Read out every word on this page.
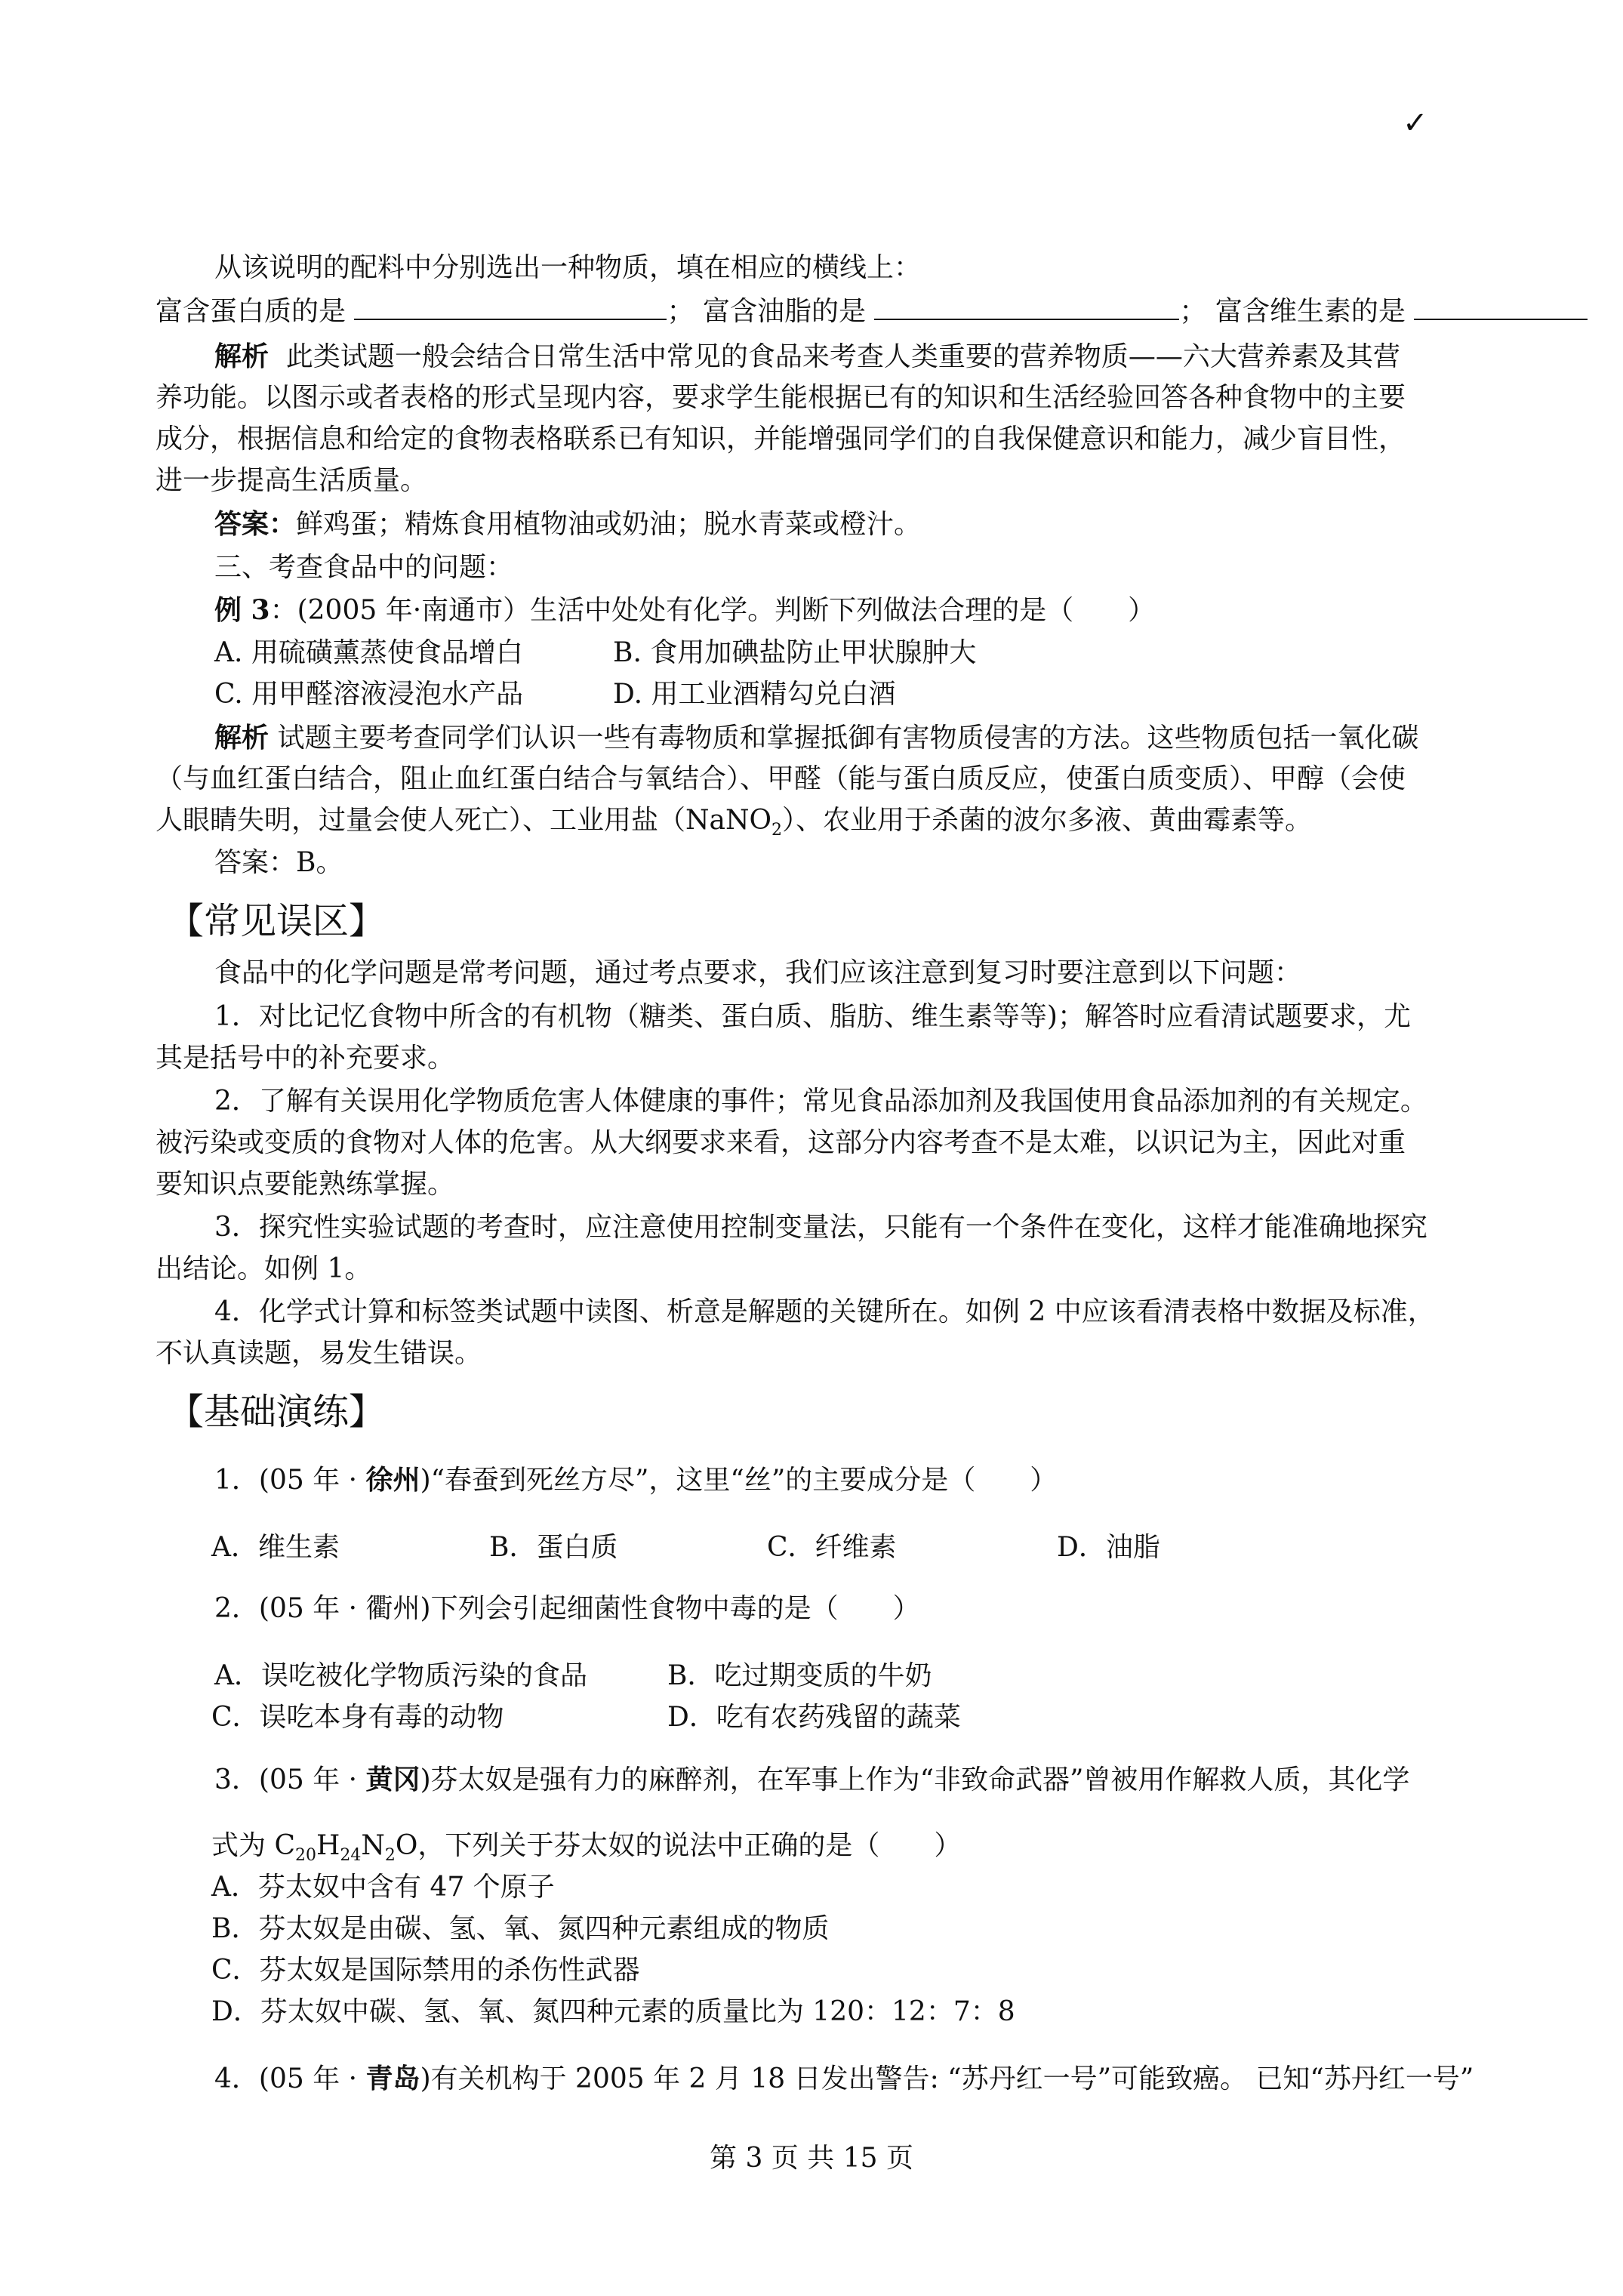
✓
从该说明的配料中分别选出一种物质，填在相应的横线上：
富含蛋白质的是	； 富含油脂的是	； 富含维生素的是
解析 此类试题一般会结合日常生活中常见的食品来考查人类重要的营养物质——六大营养素及其营
养功能。以图示或者表格的形式呈现内容，要求学生能根据已有的知识和生活经验回答各种食物中的主要
成分，根据信息和给定的食物表格联系已有知识，并能增强同学们的自我保健意识和能力，减少盲目性，
进一步提高生活质量。
答案：鲜鸡蛋；精炼食用植物油或奶油；脱水青菜或橙汁。
三、考查食品中的问题：
例 3：(2005 年·南通市）生活中处处有化学。判断下列做法合理的是（　　）
A. 用硫磺薰蒸使食品增白	B. 食用加碘盐防止甲状腺肿大
C. 用甲醛溶液浸泡水产品	D. 用工业酒精勾兑白酒
解析 试题主要考查同学们认识一些有毒物质和掌握抵御有害物质侵害的方法。这些物质包括一氧化碳
（与血红蛋白结合，阻止血红蛋白结合与氧结合）、甲醛（能与蛋白质反应，使蛋白质变质）、甲醇（会使
人眼睛失明，过量会使人死亡）、工业用盐（NaNO$_2$）、农业用于杀菌的波尔多液、黄曲霉素等。
答案：B。
【常见误区】
食品中的化学问题是常考问题，通过考点要求，我们应该注意到复习时要注意到以下问题：
1．对比记忆食物中所含的有机物（糖类、蛋白质、脂肪、维生素等等)；解答时应看清试题要求，尤
其是括号中的补充要求。
2．了解有关误用化学物质危害人体健康的事件；常见食品添加剂及我国使用食品添加剂的有关规定。
被污染或变质的食物对人体的危害。从大纲要求来看，这部分内容考查不是太难，以识记为主，因此对重
要知识点要能熟练掌握。
3．探究性实验试题的考查时，应注意使用控制变量法，只能有一个条件在变化，这样才能准确地探究
出结论。如例 1。
4．化学式计算和标签类试题中读图、析意是解题的关键所在。如例 2 中应该看清表格中数据及标准，
不认真读题，易发生错误。
【基础演练】
1．(05 年 · 徐州)“春蚕到死丝方尽”，这里“丝”的主要成分是（　　）
A．维生素	B．蛋白质	C．纤维素	D．油脂
2．(05 年 · 衢州)下列会引起细菌性食物中毒的是（　　）
A．误吃被化学物质污染的食品	B．吃过期变质的牛奶
C．误吃本身有毒的动物	D．吃有农药残留的蔬菜
3．(05 年 · 黄冈)芬太奴是强有力的麻醉剂，在军事上作为“非致命武器”曾被用作解救人质，其化学
式为 $C_{20}H_{24}N_2O$，下列关于芬太奴的说法中正确的是（　　）
A．芬太奴中含有 47 个原子
B．芬太奴是由碳、氢、氧、氮四种元素组成的物质
C．芬太奴是国际禁用的杀伤性武器
D．芬太奴中碳、氢、氧、氮四种元素的质量比为 120：12：7：8
4．(05 年 · 青岛)有关机构于 2005 年 2 月 18 日发出警告: “苏丹红一号”可能致癌。 已知“苏丹红一号”
第 3 页 共 15 页
